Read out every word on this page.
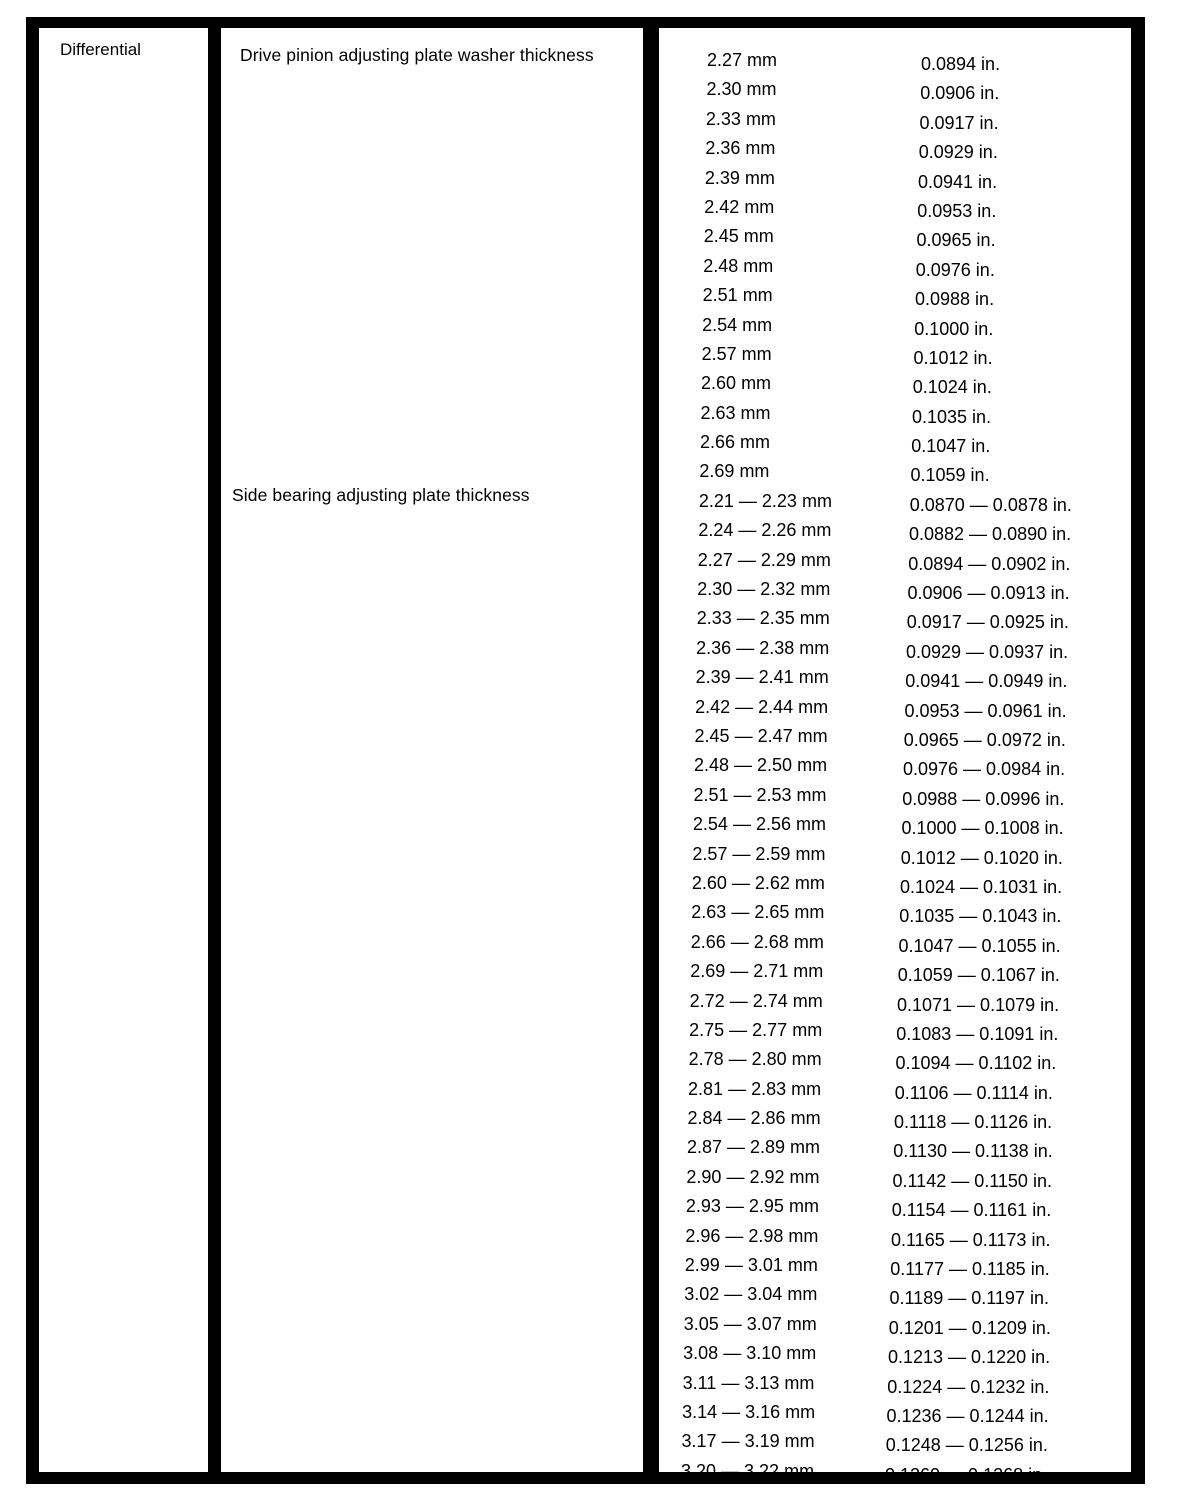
Differential	Drive pinion adjusting plate washer thickness
Side bearing adjusting plate thickness
2.27 mm	0.0894 in.
2.30 mm	0.0906 in.
2.33 mm	0.0917 in.
2.36 mm	0.0929 in.
2.39 mm	0.0941 in.
2.42 mm	0.0953 in.
2.45 mm	0.0965 in.
2.48 mm	0.0976 in.
2.51 mm	0.0988 in.
2.54 mm	0.1000 in.
2.57 mm	0.1012 in.
2.60 mm	0.1024 in.
2.63 mm	0.1035 in.
2.66 mm	0.1047 in.
2.69 mm	0.1059 in.
2.21 — 2.23 mm	0.0870 — 0.0878 in.
2.24 — 2.26 mm	0.0882 — 0.0890 in.
2.27 — 2.29 mm	0.0894 — 0.0902 in.
2.30 — 2.32 mm	0.0906 — 0.0913 in.
2.33 — 2.35 mm	0.0917 — 0.0925 in.
2.36 — 2.38 mm	0.0929 — 0.0937 in.
2.39 — 2.41 mm	0.0941 — 0.0949 in.
2.42 — 2.44 mm	0.0953 — 0.0961 in.
2.45 — 2.47 mm	0.0965 — 0.0972 in.
2.48 — 2.50 mm	0.0976 — 0.0984 in.
2.51 — 2.53 mm	0.0988 — 0.0996 in.
2.54 — 2.56 mm	0.1000 — 0.1008 in.
2.57 — 2.59 mm	0.1012 — 0.1020 in.
2.60 — 2.62 mm	0.1024 — 0.1031 in.
2.63 — 2.65 mm	0.1035 — 0.1043 in.
2.66 — 2.68 mm	0.1047 — 0.1055 in.
2.69 — 2.71 mm	0.1059 — 0.1067 in.
2.72 — 2.74 mm	0.1071 — 0.1079 in.
2.75 — 2.77 mm	0.1083 — 0.1091 in.
2.78 — 2.80 mm	0.1094 — 0.1102 in.
2.81 — 2.83 mm	0.1106 — 0.1114 in.
2.84 — 2.86 mm	0.1118 — 0.1126 in.
2.87 — 2.89 mm	0.1130 — 0.1138 in.
2.90 — 2.92 mm	0.1142 — 0.1150 in.
2.93 — 2.95 mm	0.1154 — 0.1161 in.
2.96 — 2.98 mm	0.1165 — 0.1173 in.
2.99 — 3.01 mm	0.1177 — 0.1185 in.
3.02 — 3.04 mm	0.1189 — 0.1197 in.
3.05 — 3.07 mm	0.1201 — 0.1209 in.
3.08 — 3.10 mm	0.1213 — 0.1220 in.
3.11 — 3.13 mm	0.1224 — 0.1232 in.
3.14 — 3.16 mm	0.1236 — 0.1244 in.
3.17 — 3.19 mm	0.1248 — 0.1256 in.
3.20 — 3.22 mm	0.1260 — 0.1268 in.
